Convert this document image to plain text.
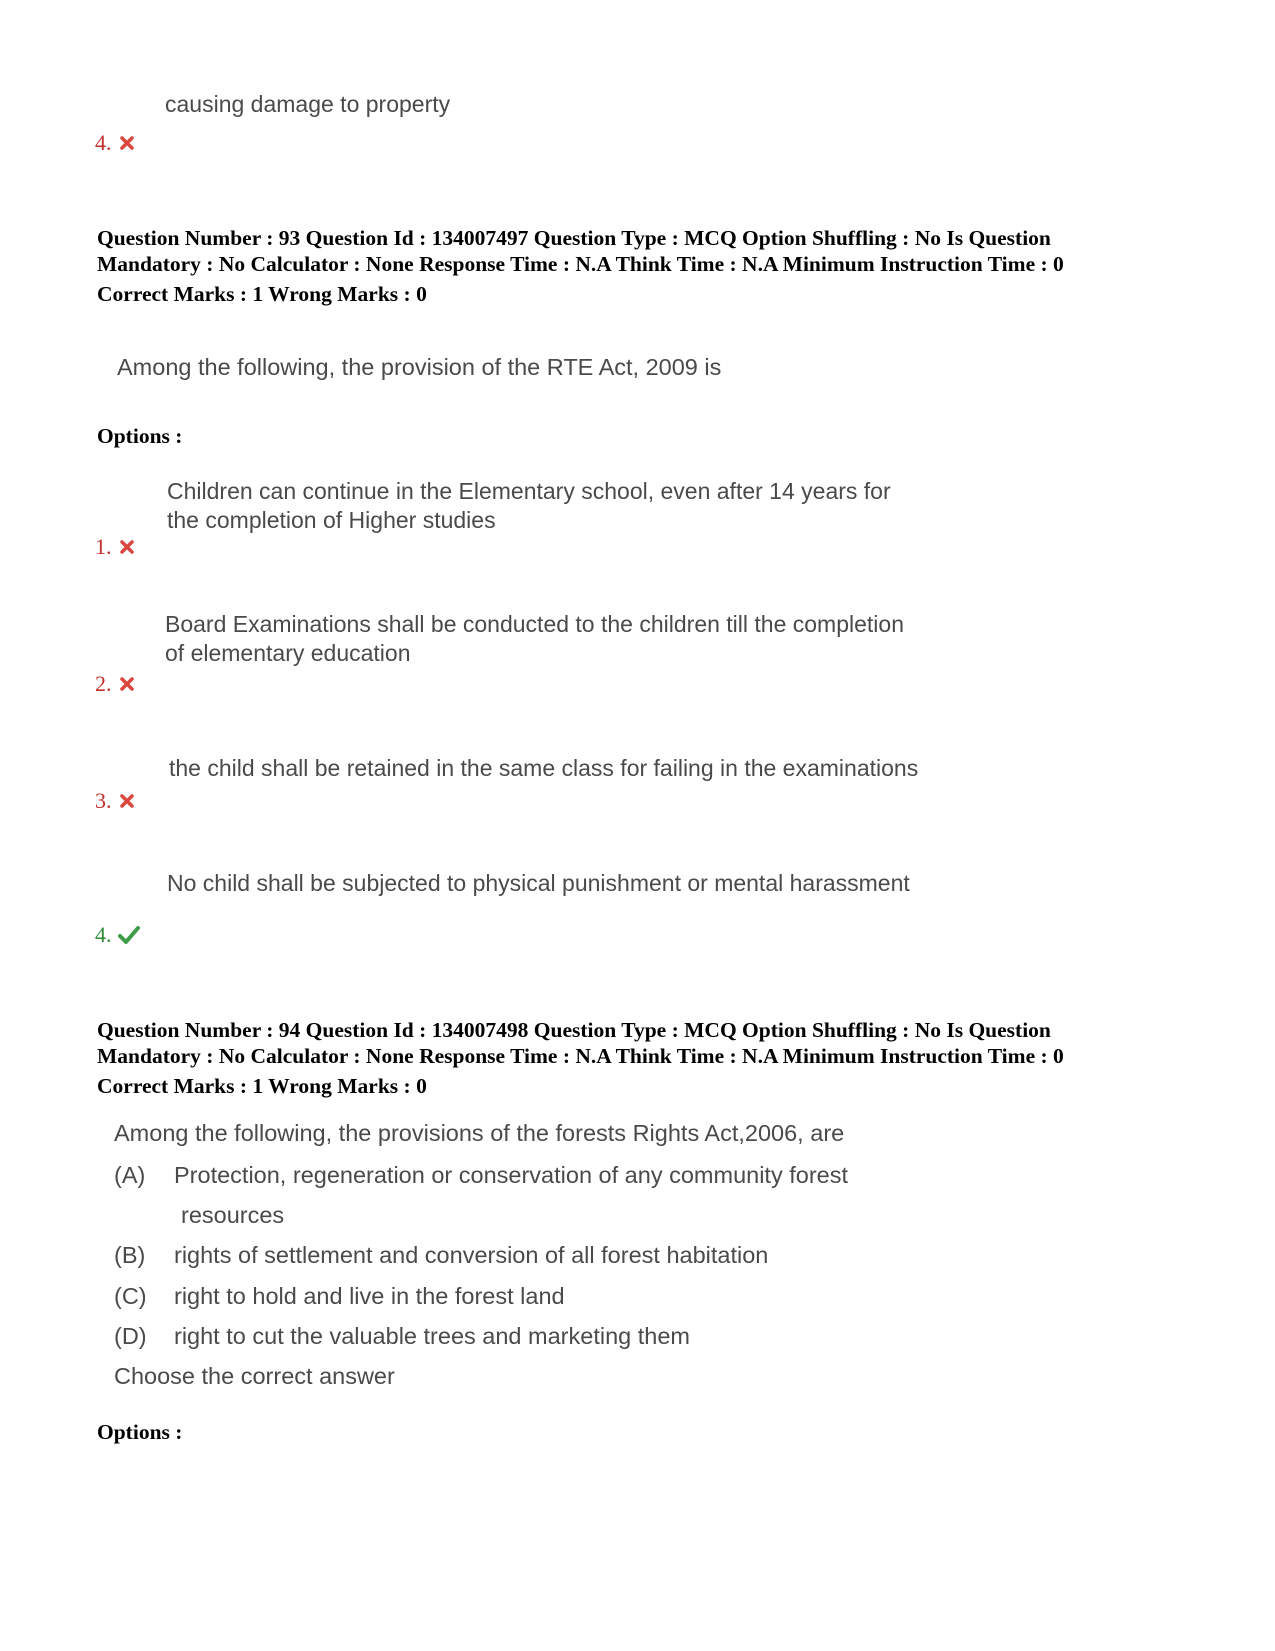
causing damage to property
4.
Question Number : 93 Question Id : 134007497 Question Type : MCQ Option Shuffling : No Is Question
Mandatory : No Calculator : None Response Time : N.A Think Time : N.A Minimum Instruction Time : 0
Correct Marks : 1 Wrong Marks : 0
Among the following, the provision of the RTE Act, 2009 is
Options :
Children can continue in the Elementary school, even after 14 years for
the completion of Higher studies
1.
Board Examinations shall be conducted to the children till the completion
of elementary education
2.
the child shall be retained in the same class for failing in the examinations
3.
No child shall be subjected to physical punishment or mental harassment
4.
Question Number : 94 Question Id : 134007498 Question Type : MCQ Option Shuffling : No Is Question
Mandatory : No Calculator : None Response Time : N.A Think Time : N.A Minimum Instruction Time : 0
Correct Marks : 1 Wrong Marks : 0
Among the following, the provisions of the forests Rights Act,2006, are
(A) Protection, regeneration or conservation of any community forest
resources
(B) rights of settlement and conversion of all forest habitation
(C) right to hold and live in the forest land
(D) right to cut the valuable trees and marketing them
Choose the correct answer
Options :
